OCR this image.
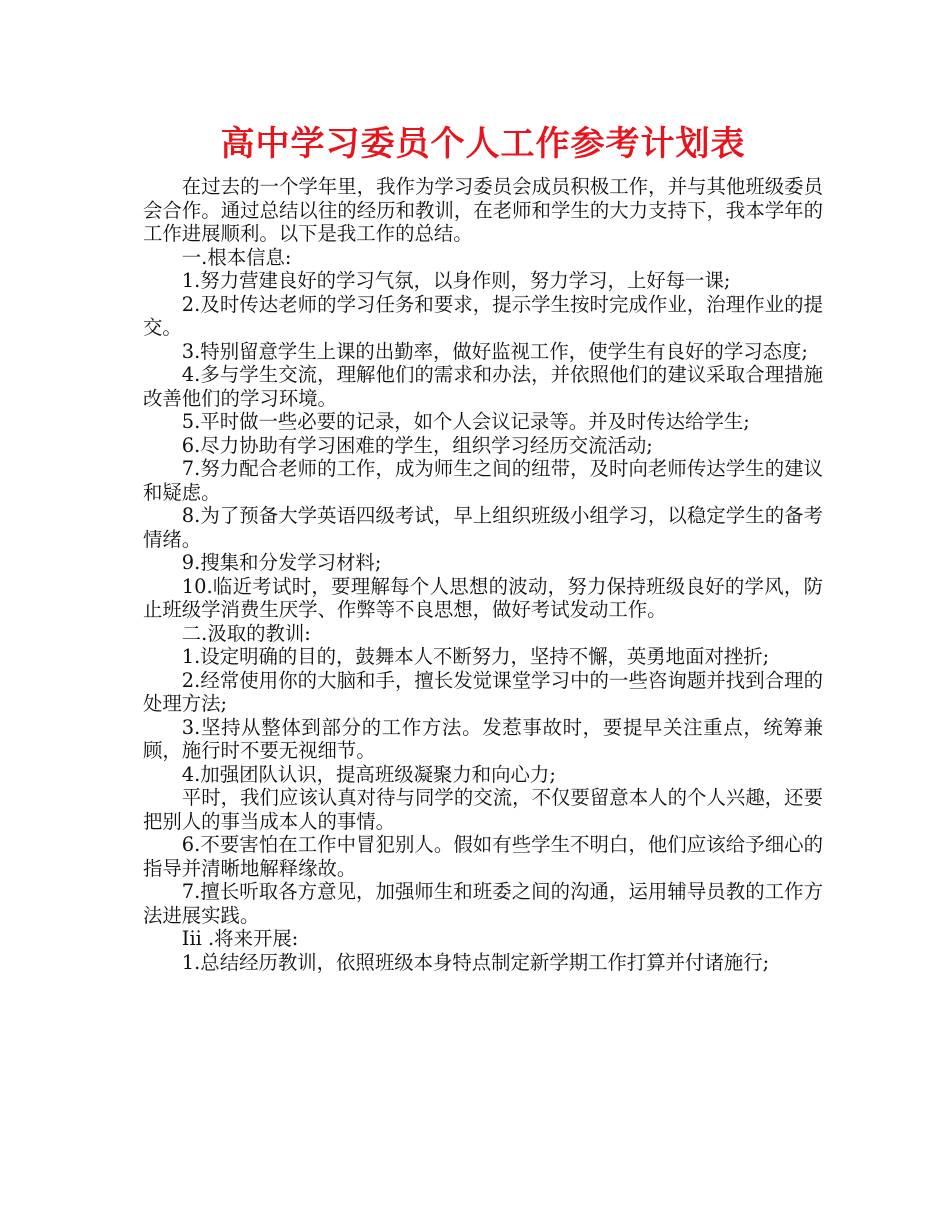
高中学习委员个人工作参考计划表

在过去的一个学年里，我作为学习委员会成员积极工作，并与其他班级委员会合作。通过总结以往的经历和教训，在老师和学生的大力支持下，我本学年的工作进展顺利。以下是我工作的总结。

一.根本信息:

1.努力营建良好的学习气氛，以身作则，努力学习，上好每一课;

2.及时传达老师的学习任务和要求，提示学生按时完成作业，治理作业的提交。

3.特别留意学生上课的出勤率，做好监视工作，使学生有良好的学习态度;

4.多与学生交流，理解他们的需求和办法，并依照他们的建议采取合理措施改善他们的学习环境。

5.平时做一些必要的记录，如个人会议记录等。并及时传达给学生;

6.尽力协助有学习困难的学生，组织学习经历交流活动;

7.努力配合老师的工作，成为师生之间的纽带，及时向老师传达学生的建议和疑虑。

8.为了预备大学英语四级考试，早上组织班级小组学习，以稳定学生的备考情绪。

9.搜集和分发学习材料;

10.临近考试时，要理解每个人思想的波动，努力保持班级良好的学风，防止班级学消费生厌学、作弊等不良思想，做好考试发动工作。

二.汲取的教训:

1.设定明确的目的，鼓舞本人不断努力，坚持不懈，英勇地面对挫折;

2.经常使用你的大脑和手，擅长发觉课堂学习中的一些咨询题并找到合理的处理方法;

3.坚持从整体到部分的工作方法。发惹事故时，要提早关注重点，统筹兼顾，施行时不要无视细节。

4.加强团队认识，提高班级凝聚力和向心力;

平时，我们应该认真对待与同学的交流，不仅要留意本人的个人兴趣，还要把别人的事当成本人的事情。

6.不要害怕在工作中冒犯别人。假如有些学生不明白，他们应该给予细心的指导并清晰地解释缘故。

7.擅长听取各方意见，加强师生和班委之间的沟通，运用辅导员教的工作方法进展实践。

Iii .将来开展:

1.总结经历教训，依照班级本身特点制定新学期工作打算并付诸施行;
